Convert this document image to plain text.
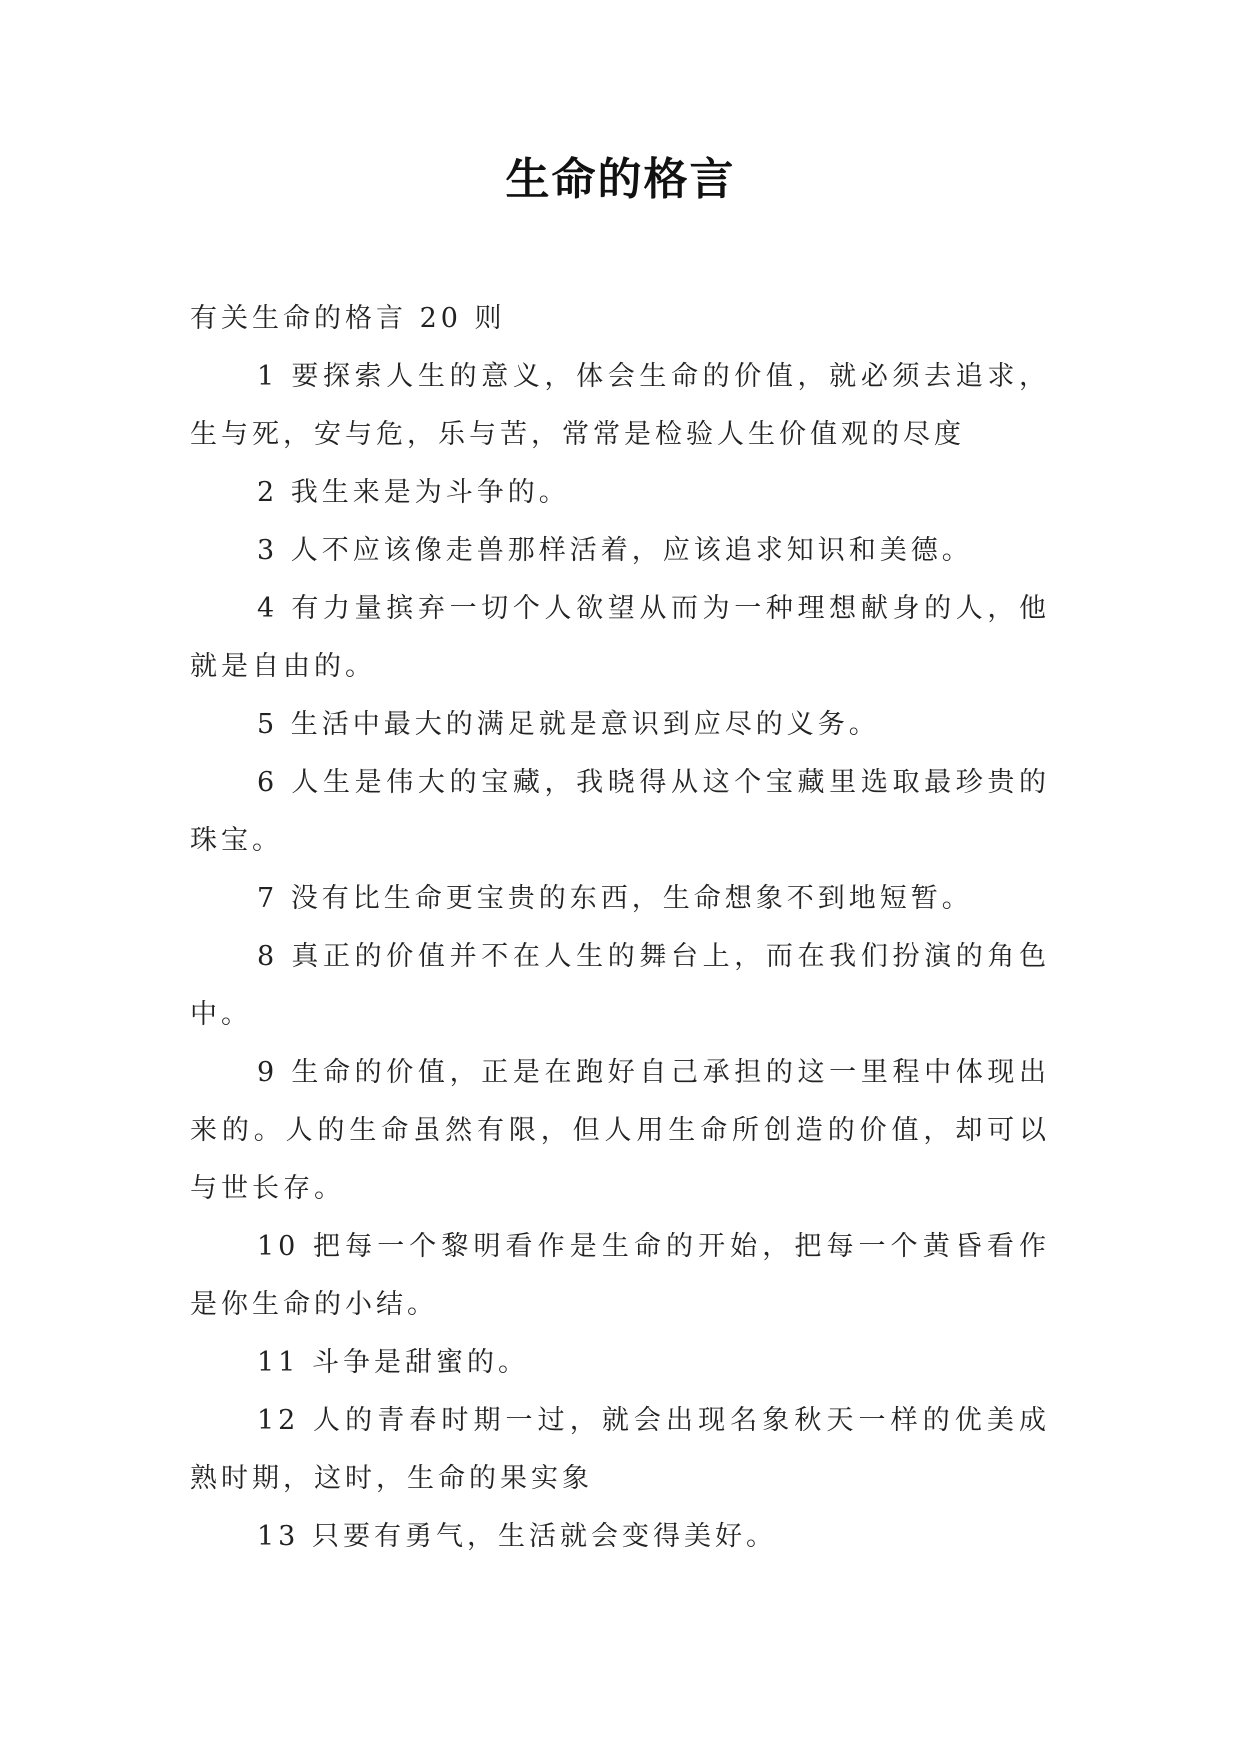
生命的格言

有关生命的格言 20 则

1 要探索人生的意义，体会生命的价值，就必须去追求，生与死，安与危，乐与苦，常常是检验人生价值观的尽度

2 我生来是为斗争的。

3 人不应该像走兽那样活着，应该追求知识和美德。

4 有力量摈弃一切个人欲望从而为一种理想献身的人，他就是自由的。

5 生活中最大的满足就是意识到应尽的义务。

6 人生是伟大的宝藏，我晓得从这个宝藏里选取最珍贵的珠宝。

7 没有比生命更宝贵的东西，生命想象不到地短暂。

8 真正的价值并不在人生的舞台上，而在我们扮演的角色中。

9 生命的价值，正是在跑好自己承担的这一里程中体现出来的。人的生命虽然有限，但人用生命所创造的价值，却可以与世长存。

10 把每一个黎明看作是生命的开始，把每一个黄昏看作是你生命的小结。

11 斗争是甜蜜的。

12 人的青春时期一过，就会出现名象秋天一样的优美成熟时期，这时，生命的果实象

13 只要有勇气，生活就会变得美好。
